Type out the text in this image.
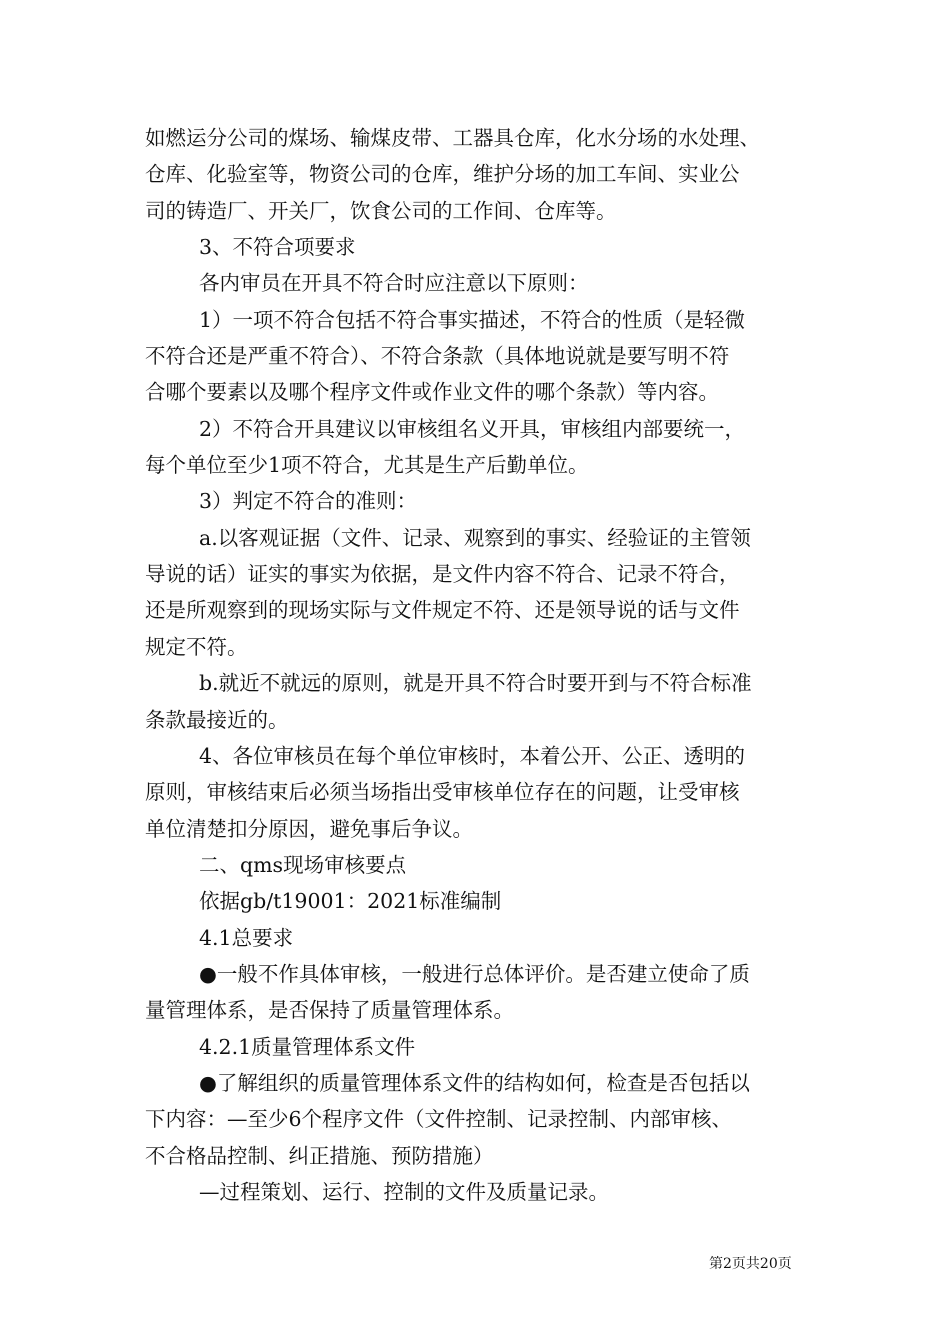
如燃运分公司的煤场、输煤皮带、工器具仓库，化水分场的水处理、
仓库、化验室等，物资公司的仓库，维护分场的加工车间、实业公
司的铸造厂、开关厂，饮食公司的工作间、仓库等。
3、不符合项要求
各内审员在开具不符合时应注意以下原则：
1）一项不符合包括不符合事实描述，不符合的性质（是轻微
不符合还是严重不符合）、不符合条款（具体地说就是要写明不符
合哪个要素以及哪个程序文件或作业文件的哪个条款）等内容。
2）不符合开具建议以审核组名义开具，审核组内部要统一，
每个单位至少1项不符合，尤其是生产后勤单位。
3）判定不符合的准则：
a.以客观证据（文件、记录、观察到的事实、经验证的主管领
导说的话）证实的事实为依据，是文件内容不符合、记录不符合，
还是所观察到的现场实际与文件规定不符、还是领导说的话与文件
规定不符。
b.就近不就远的原则，就是开具不符合时要开到与不符合标准
条款最接近的。
4、各位审核员在每个单位审核时，本着公开、公正、透明的
原则，审核结束后必须当场指出受审核单位存在的问题，让受审核
单位清楚扣分原因，避免事后争议。
二、qms现场审核要点
依据gb/t19001：2021标准编制
4.1总要求
●一般不作具体审核，一般进行总体评价。是否建立使命了质
量管理体系，是否保持了质量管理体系。
4.2.1质量管理体系文件
●了解组织的质量管理体系文件的结构如何，检查是否包括以
下内容：—至少6个程序文件（文件控制、记录控制、内部审核、
不合格品控制、纠正措施、预防措施）
—过程策划、运行、控制的文件及质量记录。
第2页共20页
